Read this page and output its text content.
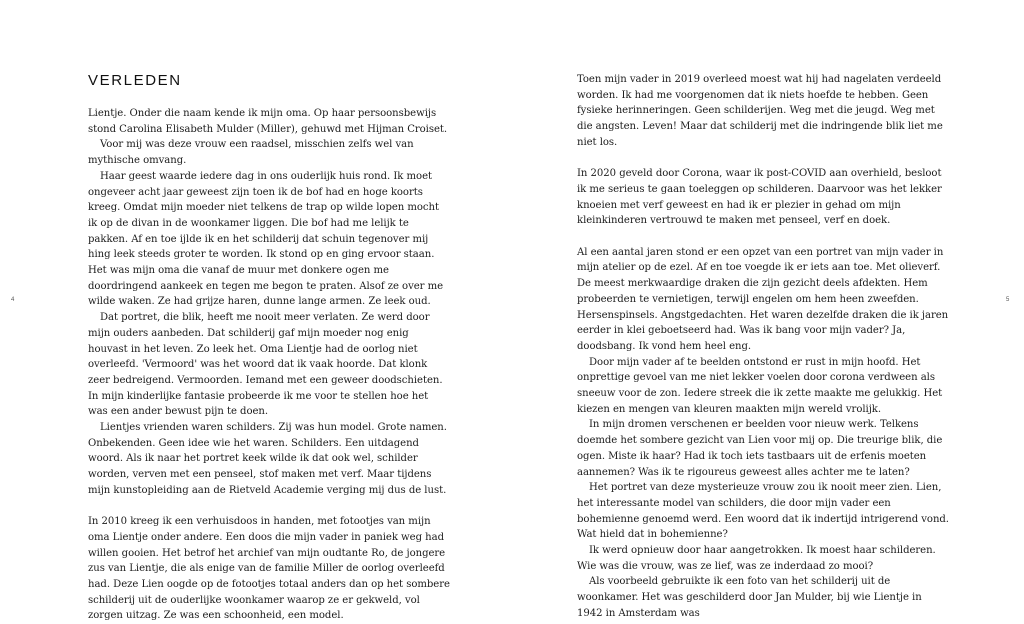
VERLEDEN

Lientje. Onder die naam kende ik mijn oma. Op haar persoonsbewijs stond Carolina Elisabeth Mulder (Miller), gehuwd met Hijman Croiset.

Voor mij was deze vrouw een raadsel, misschien zelfs wel van mythische omvang.

Haar geest waarde iedere dag in ons ouderlijk huis rond. Ik moet ongeveer acht jaar geweest zijn toen ik de bof had en hoge koorts kreeg. Omdat mijn moeder niet telkens de trap op wilde lopen mocht ik op de divan in de woonkamer liggen. Die bof had me lelijk te pakken. Af en toe ijlde ik en het schilderij dat schuin tegenover mij hing leek steeds groter te worden. Ik stond op en ging ervoor staan. Het was mijn oma die vanaf de muur met donkere ogen me doordringend aankeek en tegen me begon te praten. Alsof ze over me wilde waken. Ze had grijze haren, dunne lange armen. Ze leek oud.

Dat portret, die blik, heeft me nooit meer verlaten. Ze werd door mijn ouders aanbeden. Dat schilderij gaf mijn moeder nog enig houvast in het leven. Zo leek het. Oma Lientje had de oorlog niet overleefd. 'Vermoord' was het woord dat ik vaak hoorde. Dat klonk zeer bedreigend. Vermoorden. Iemand met een geweer doodschieten. In mijn kinderlijke fantasie probeerde ik me voor te stellen hoe het was een ander bewust pijn te doen.

Lientjes vrienden waren schilders. Zij was hun model. Grote namen. Onbekenden. Geen idee wie het waren. Schilders. Een uitdagend woord. Als ik naar het portret keek wilde ik dat ook wel, schilder worden, verven met een penseel, stof maken met verf. Maar tijdens mijn kunstopleiding aan de Rietveld Academie verging mij dus de lust.

In 2010 kreeg ik een verhuisdoos in handen, met fotootjes van mijn oma Lientje onder andere. Een doos die mijn vader in paniek weg had willen gooien. Het betrof het archief van mijn oudtante Ro, de jongere zus van Lientje, die als enige van de familie Miller de oorlog overleefd had. Deze Lien oogde op de fotootjes totaal anders dan op het sombere schilderij uit de ouderlijke woonkamer waarop ze er gekweld, vol zorgen uitzag. Ze was een schoonheid, een model.

4

Toen mijn vader in 2019 overleed moest wat hij had nagelaten verdeeld worden. Ik had me voorgenomen dat ik niets hoefde te hebben. Geen fysieke herinneringen. Geen schilderijen. Weg met die jeugd. Weg met die angsten. Leven! Maar dat schilderij met die indringende blik liet me niet los.

In 2020 geveld door Corona, waar ik post-COVID aan overhield, besloot ik me serieus te gaan toeleggen op schilderen. Daarvoor was het lekker knoeien met verf geweest en had ik er plezier in gehad om mijn kleinkinderen vertrouwd te maken met penseel, verf en doek.

Al een aantal jaren stond er een opzet van een portret van mijn vader in mijn atelier op de ezel. Af en toe voegde ik er iets aan toe. Met olieverf. De meest merkwaardige draken die zijn gezicht deels afdekten. Hem probeerden te vernietigen, terwijl engelen om hem heen zweefden. Hersenspinsels. Angstgedachten. Het waren dezelfde draken die ik jaren eerder in klei geboetseerd had. Was ik bang voor mijn vader? Ja, doodsbang. Ik vond hem heel eng.

Door mijn vader af te beelden ontstond er rust in mijn hoofd. Het onprettige gevoel van me niet lekker voelen door corona verdween als sneeuw voor de zon. Iedere streek die ik zette maakte me gelukkig. Het kiezen en mengen van kleuren maakten mijn wereld vrolijk.

In mijn dromen verschenen er beelden voor nieuw werk. Telkens doemde het sombere gezicht van Lien voor mij op. Die treurige blik, die ogen. Miste ik haar? Had ik toch iets tastbaars uit de erfenis moeten aannemen? Was ik te rigoureus geweest alles achter me te laten?

Het portret van deze mysterieuze vrouw zou ik nooit meer zien. Lien, het interessante model van schilders, die door mijn vader een bohemienne genoemd werd. Een woord dat ik indertijd intrigerend vond. Wat hield dat in bohemienne?

Ik werd opnieuw door haar aangetrokken. Ik moest haar schilderen. Wie was die vrouw, was ze lief, was ze inderdaad zo mooi?

Als voorbeeld gebruikte ik een foto van het schilderij uit de woonkamer. Het was geschilderd door Jan Mulder, bij wie Lientje in 1942 in Amsterdam was

5
